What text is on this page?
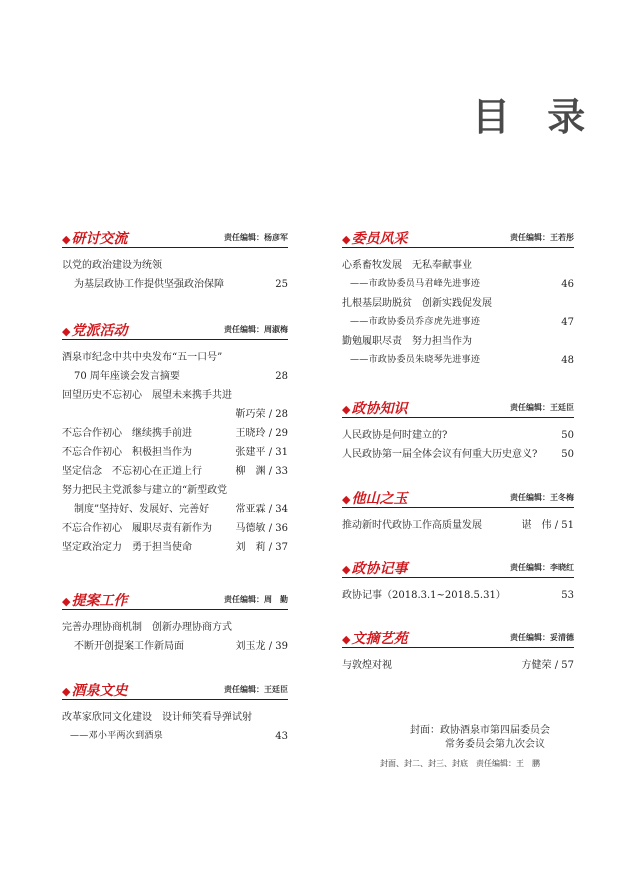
目 录
◆研讨交流	责任编辑：杨彦军
以党的政治建设为统领
为基层政协工作提供坚强政治保障	25
◆党派活动	责任编辑：周淑梅
酒泉市纪念中共中央发布“五一口号”
70 周年座谈会发言摘要	28
回望历史不忘初心　展望未来携手共进
靳巧荣 / 28
不忘合作初心　继续携手前进	王晓玲 / 29
不忘合作初心　积极担当作为	张建平 / 31
坚定信念　不忘初心在正道上行	柳　渊 / 33
努力把民主党派参与建立的“新型政党
制度”坚持好、发展好、完善好	常亚霖 / 34
不忘合作初心　履职尽责有新作为 马德敏 / 36
坚定政治定力　勇于担当使命	刘　莉 / 37
◆提案工作	责任编辑：周　勤
完善办理协商机制　创新办理协商方式
不断开创提案工作新局面	刘玉龙 / 39
◆酒泉文史	责任编辑：王廷臣
改革家欣同文化建设　设计师笑看导弹试射
——邓小平两次到酒泉	43
◆委员风采	责任编辑：王若彤
心系畜牧发展　无私奉献事业
——市政协委员马君峰先进事迹	46
扎根基层助脱贫　创新实践促发展
——市政协委员乔彦虎先进事迹	47
勤勉履职尽责　努力担当作为
——市政协委员朱晓琴先进事迹	48
◆政协知识	责任编辑：王廷臣
人民政协是何时建立的?	50
人民政协第一届全体会议有何重大历史意义? 50
◆他山之玉	责任编辑：王冬梅
推动新时代政协工作高质量发展	谌　伟 / 51
◆政协记事	责任编辑：李晓红
政协记事（2018.3.1~2018.5.31）	53
◆文摘艺苑	责任编辑：妥清德
与敦煌对视	方健荣 / 57
封面：政协酒泉市第四届委员会
常务委员会第九次会议
封面、封二、封三、封底　责任编辑：王　鹏
